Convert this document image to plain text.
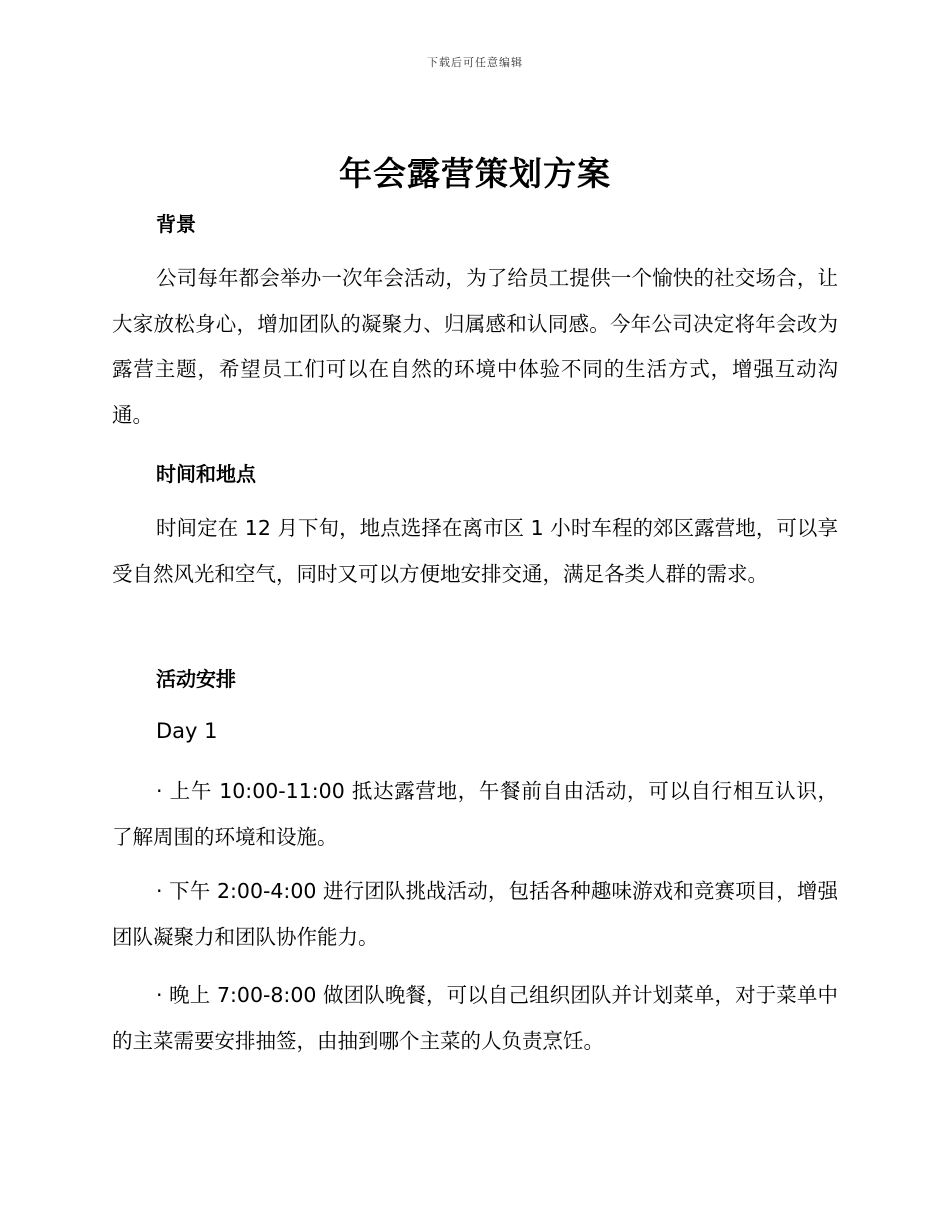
下载后可任意编辑
年会露营策划方案
背景

公司每年都会举办一次年会活动，为了给员工提供一个愉快的社交场合，让大家放松身心，增加团队的凝聚力、归属感和认同感。今年公司决定将年会改为露营主题，希望员工们可以在自然的环境中体验不同的生活方式，增强互动沟通。

时间和地点

时间定在 12 月下旬，地点选择在离市区 1 小时车程的郊区露营地，可以享受自然风光和空气，同时又可以方便地安排交通，满足各类人群的需求。

活动安排
Day 1

· 上午 10:00-11:00 抵达露营地，午餐前自由活动，可以自行相互认识，了解周围的环境和设施。

· 下午 2:00-4:00 进行团队挑战活动，包括各种趣味游戏和竞赛项目，增强团队凝聚力和团队协作能力。

· 晚上 7:00-8:00 做团队晚餐，可以自己组织团队并计划菜单，对于菜单中的主菜需要安排抽签，由抽到哪个主菜的人负责烹饪。
